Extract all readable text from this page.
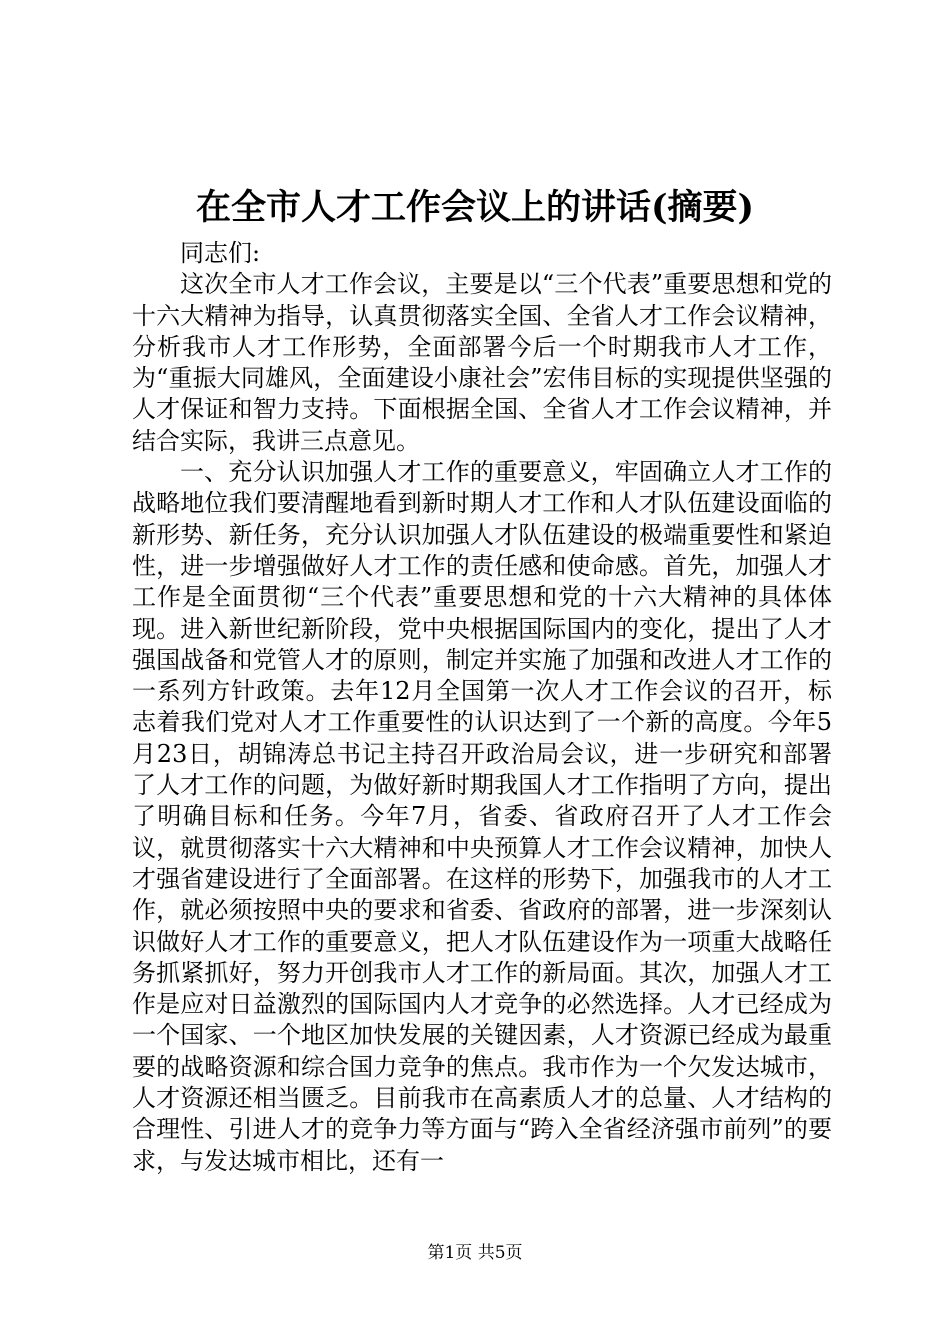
在全市人才工作会议上的讲话(摘要)

同志们:

这次全市人才工作会议，主要是以“三个代表”重要思想和党的十六大精神为指导，认真贯彻落实全国、全省人才工作会议精神，分析我市人才工作形势，全面部署今后一个时期我市人才工作，为“重振大同雄风，全面建设小康社会”宏伟目标的实现提供坚强的人才保证和智力支持。下面根据全国、全省人才工作会议精神，并结合实际，我讲三点意见。

一、充分认识加强人才工作的重要意义，牢固确立人才工作的战略地位我们要清醒地看到新时期人才工作和人才队伍建设面临的新形势、新任务，充分认识加强人才队伍建设的极端重要性和紧迫性，进一步增强做好人才工作的责任感和使命感。首先，加强人才工作是全面贯彻“三个代表”重要思想和党的十六大精神的具体体现。进入新世纪新阶段，党中央根据国际国内的变化，提出了人才强国战备和党管人才的原则，制定并实施了加强和改进人才工作的一系列方针政策。去年12月全国第一次人才工作会议的召开，标志着我们党对人才工作重要性的认识达到了一个新的高度。今年5月23日，胡锦涛总书记主持召开政治局会议，进一步研究和部署了人才工作的问题，为做好新时期我国人才工作指明了方向，提出了明确目标和任务。今年7月，省委、省政府召开了人才工作会议，就贯彻落实十六大精神和中央预算人才工作会议精神，加快人才强省建设进行了全面部署。在这样的形势下，加强我市的人才工作，就必须按照中央的要求和省委、省政府的部署，进一步深刻认识做好人才工作的重要意义，把人才队伍建设作为一项重大战略任务抓紧抓好，努力开创我市人才工作的新局面。其次，加强人才工作是应对日益激烈的国际国内人才竞争的必然选择。人才已经成为一个国家、一个地区加快发展的关键因素，人才资源已经成为最重要的战略资源和综合国力竞争的焦点。我市作为一个欠发达城市，人才资源还相当匮乏。目前我市在高素质人才的总量、人才结构的合理性、引进人才的竞争力等方面与“跨入全省经济强市前列”的要求，与发达城市相比，还有一

第1页 共5页
